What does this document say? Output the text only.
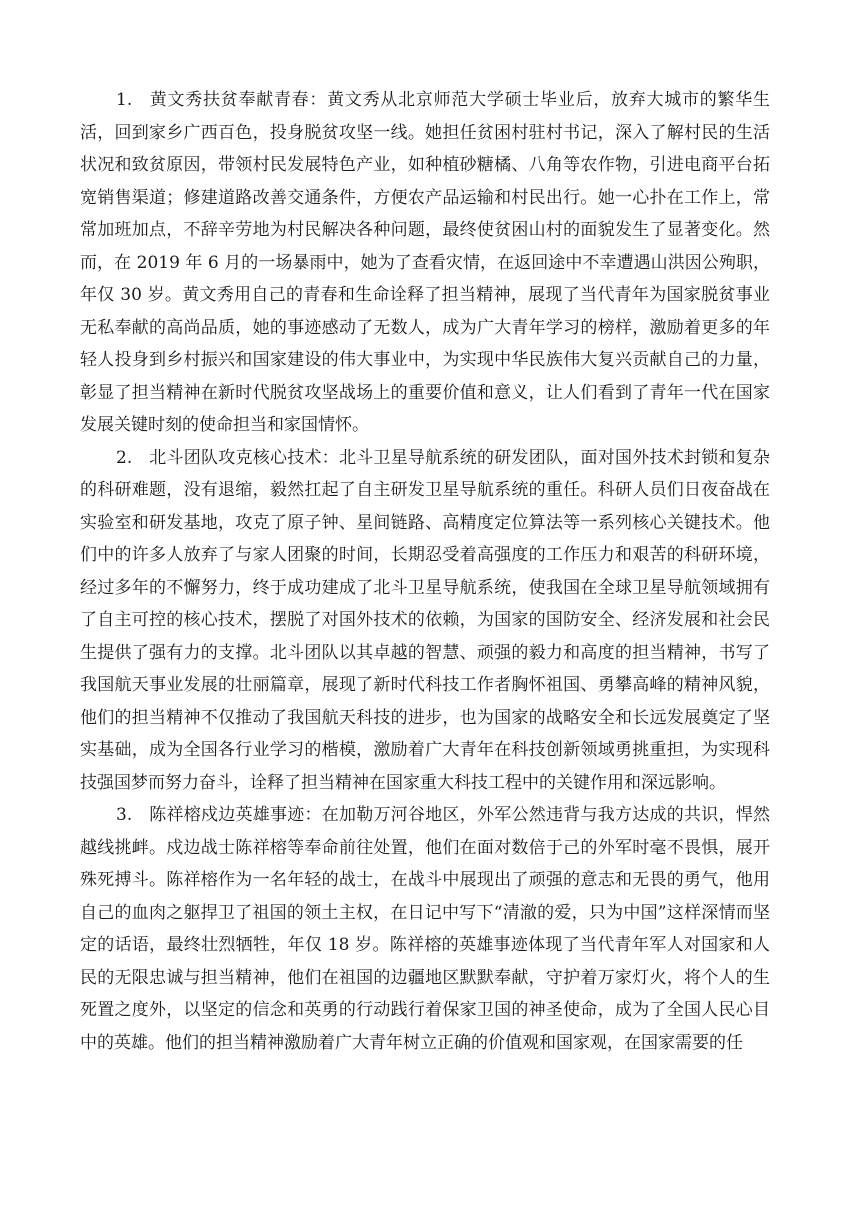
1. 黄文秀扶贫奉献青春：黄文秀从北京师范大学硕士毕业后，放弃大城市的繁华生活，回到家乡广西百色，投身脱贫攻坚一线。她担任贫困村驻村书记，深入了解村民的生活状况和致贫原因，带领村民发展特色产业，如种植砂糖橘、八角等农作物，引进电商平台拓宽销售渠道；修建道路改善交通条件，方便农产品运输和村民出行。她一心扑在工作上，常常加班加点，不辞辛劳地为村民解决各种问题，最终使贫困山村的面貌发生了显著变化。然而，在 2019 年 6 月的一场暴雨中，她为了查看灾情，在返回途中不幸遭遇山洪因公殉职，年仅 30 岁。黄文秀用自己的青春和生命诠释了担当精神，展现了当代青年为国家脱贫事业无私奉献的高尚品质，她的事迹感动了无数人，成为广大青年学习的榜样，激励着更多的年轻人投身到乡村振兴和国家建设的伟大事业中，为实现中华民族伟大复兴贡献自己的力量，彰显了担当精神在新时代脱贫攻坚战场上的重要价值和意义，让人们看到了青年一代在国家发展关键时刻的使命担当和家国情怀。

2. 北斗团队攻克核心技术：北斗卫星导航系统的研发团队，面对国外技术封锁和复杂的科研难题，没有退缩，毅然扛起了自主研发卫星导航系统的重任。科研人员们日夜奋战在实验室和研发基地，攻克了原子钟、星间链路、高精度定位算法等一系列核心关键技术。他们中的许多人放弃了与家人团聚的时间，长期忍受着高强度的工作压力和艰苦的科研环境，经过多年的不懈努力，终于成功建成了北斗卫星导航系统，使我国在全球卫星导航领域拥有了自主可控的核心技术，摆脱了对国外技术的依赖，为国家的国防安全、经济发展和社会民生提供了强有力的支撑。北斗团队以其卓越的智慧、顽强的毅力和高度的担当精神，书写了我国航天事业发展的壮丽篇章，展现了新时代科技工作者胸怀祖国、勇攀高峰的精神风貌，他们的担当精神不仅推动了我国航天科技的进步，也为国家的战略安全和长远发展奠定了坚实基础，成为全国各行业学习的楷模，激励着广大青年在科技创新领域勇挑重担，为实现科技强国梦而努力奋斗，诠释了担当精神在国家重大科技工程中的关键作用和深远影响。

3. 陈祥榕戍边英雄事迹：在加勒万河谷地区，外军公然违背与我方达成的共识，悍然越线挑衅。戍边战士陈祥榕等奉命前往处置，他们在面对数倍于己的外军时毫不畏惧，展开殊死搏斗。陈祥榕作为一名年轻的战士，在战斗中展现出了顽强的意志和无畏的勇气，他用自己的血肉之躯捍卫了祖国的领土主权，在日记中写下“清澈的爱，只为中国”这样深情而坚定的话语，最终壮烈牺牲，年仅 18 岁。陈祥榕的英雄事迹体现了当代青年军人对国家和人民的无限忠诚与担当精神，他们在祖国的边疆地区默默奉献，守护着万家灯火，将个人的生死置之度外，以坚定的信念和英勇的行动践行着保家卫国的神圣使命，成为了全国人民心目中的英雄。他们的担当精神激励着广大青年树立正确的价值观和国家观，在国家需要的任
